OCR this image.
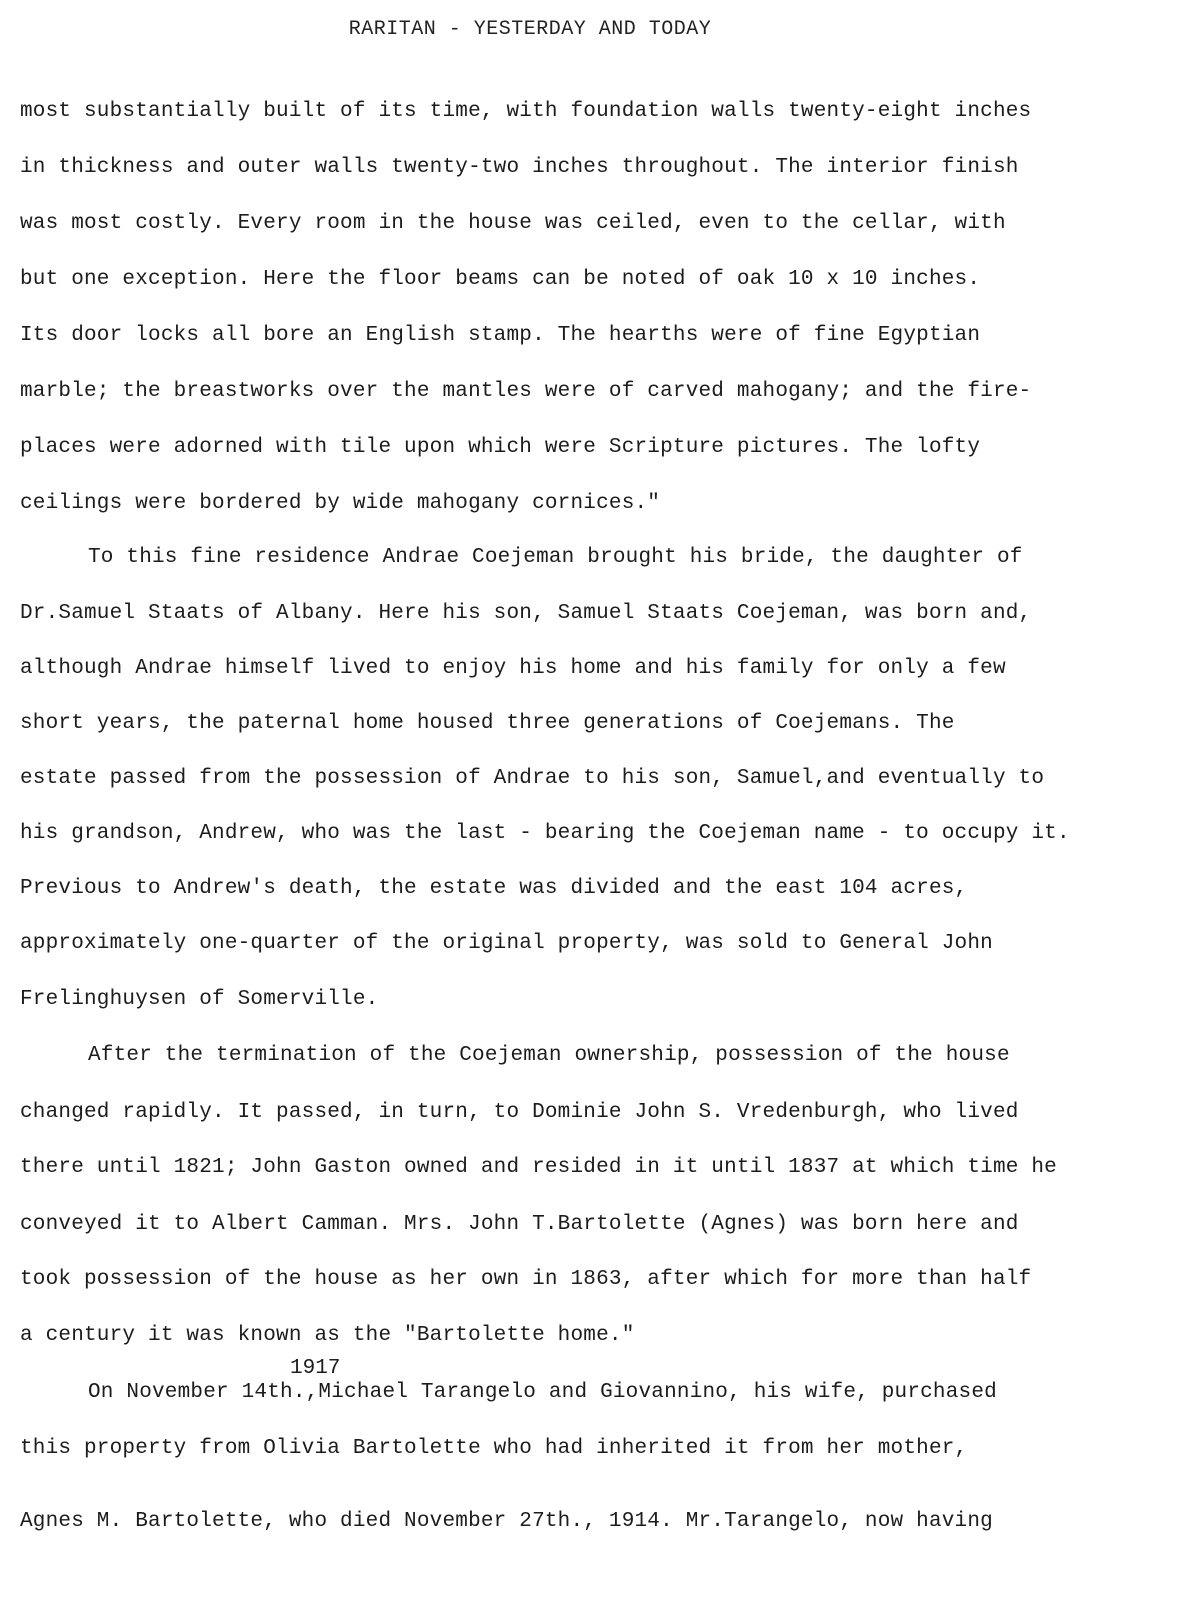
RARITAN - YESTERDAY AND TODAY
most substantially built of its time, with foundation walls twenty-eight inches
in thickness and outer walls twenty-two inches throughout. The interior finish
was most costly. Every room in the house was ceiled, even to the cellar, with
but one exception. Here the floor beams can be noted of oak 10 x 10 inches.
Its door locks all bore an English stamp. The hearths were of fine Egyptian
marble; the breastworks over the mantles were of carved mahogany; and the fire-
places were adorned with tile upon which were Scripture pictures. The lofty
ceilings were bordered by wide mahogany cornices."
To this fine residence Andrae Coejeman brought his bride, the daughter of
Dr.Samuel Staats of Albany. Here his son, Samuel Staats Coejeman, was born and,
although Andrae himself lived to enjoy his home and his family for only a few
short years, the paternal home housed three generations of Coejemans. The
estate passed from the possession of Andrae to his son, Samuel,and eventually to
his grandson, Andrew, who was the last - bearing the Coejeman name - to occupy it.
Previous to Andrew's death, the estate was divided and the east 104 acres,
approximately one-quarter of the original property, was sold to General John
Frelinghuysen of Somerville.
After the termination of the Coejeman ownership, possession of the house
changed rapidly. It passed, in turn, to Dominie John S. Vredenburgh, who lived
there until 1821; John Gaston owned and resided in it until 1837 at which time he
conveyed it to Albert Camman. Mrs. John T.Bartolette (Agnes) was born here and
took possession of the house as her own in 1863, after which for more than half
a century it was known as the "Bartolette home."
1917
On November 14th.,Michael Tarangelo and Giovannino, his wife, purchased
this property from Olivia Bartolette who had inherited it from her mother,
Agnes M. Bartolette, who died November 27th., 1914. Mr.Tarangelo, now having
